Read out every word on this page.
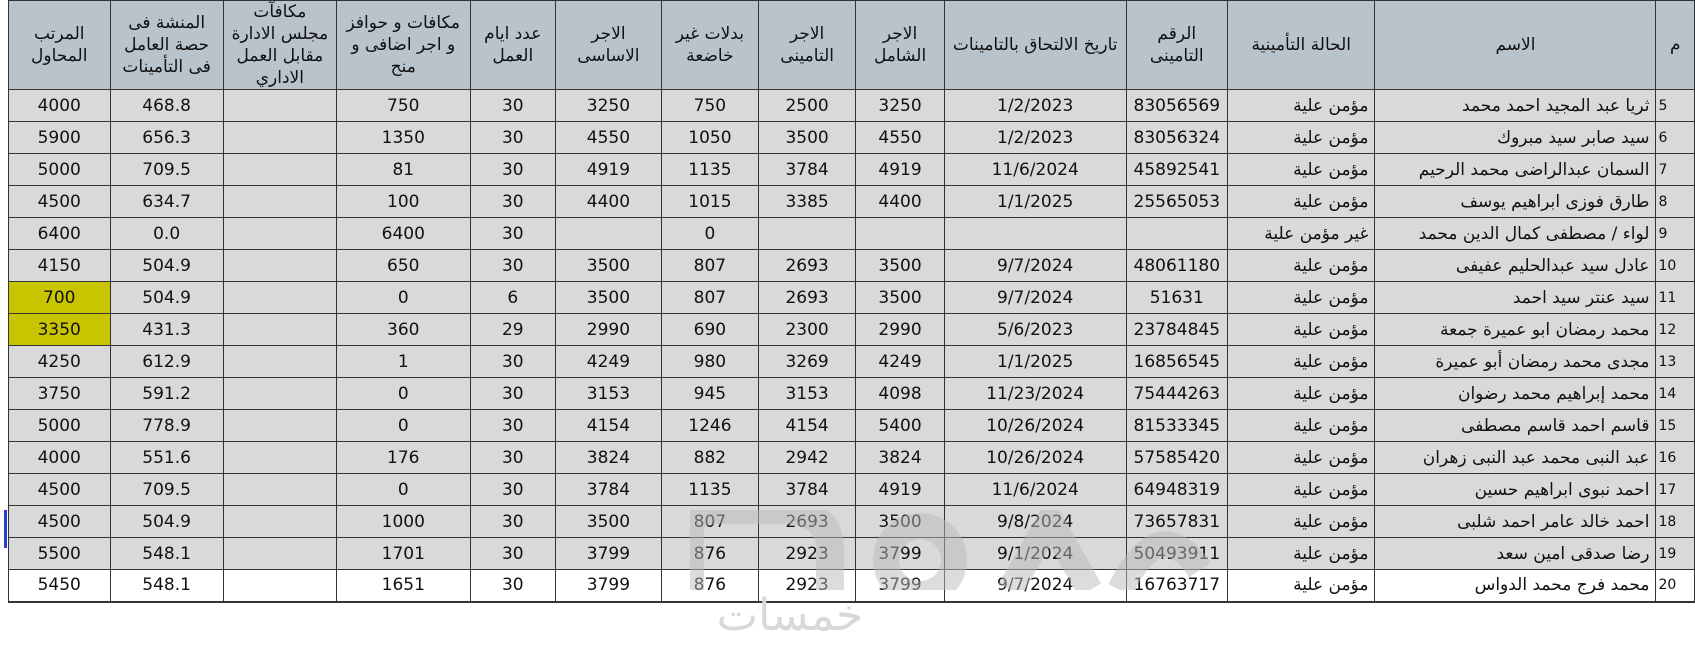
المرتب المحاول	المنشة فى حصة العامل فى التأمينات	مكافآت مجلس الادارة مقابل العمل الاداري	مكافات و حوافز و اجر اضافى و منح	عدد ايام العمل	الاجر الاساسى	بدلات غير خاضعة	الاجر التامينى	الاجر الشامل	تاريخ الالتحاق بالتامينات	الرقم التامينى	الحالة التأمينية	الاسم	م
4000	468.8		750	30	3250	750	2500	3250	1/2/2023	83056569	مؤمن علية	ثريا عبد المجيد احمد محمد	5
5900	656.3		1350	30	4550	1050	3500	4550	1/2/2023	83056324	مؤمن علية	سيد صابر سيد مبروك	6
5000	709.5		81	30	4919	1135	3784	4919	11/6/2024	45892541	مؤمن علية	السمان عبدالراضى محمد الرحيم	7
4500	634.7		100	30	4400	1015	3385	4400	1/1/2025	25565053	مؤمن علية	طارق فوزى ابراهيم يوسف	8
6400	0.0		6400	30		0					غير مؤمن علية	لواء / مصطفى كمال الدين محمد	9
4150	504.9		650	30	3500	807	2693	3500	9/7/2024	48061180	مؤمن علية	عادل سيد عبدالحليم عفيفى	10
700	504.9		0	6	3500	807	2693	3500	9/7/2024	51631	مؤمن علية	سيد عنتر سيد احمد	11
3350	431.3		360	29	2990	690	2300	2990	5/6/2023	23784845	مؤمن علية	محمد رمضان ابو عميرة جمعة	12
4250	612.9		1	30	4249	980	3269	4249	1/1/2025	16856545	مؤمن علية	مجدى محمد رمضان أبو عميرة	13
3750	591.2		0	30	3153	945	3153	4098	11/23/2024	75444263	مؤمن علية	محمد إبراهيم محمد رضوان	14
5000	778.9		0	30	4154	1246	4154	5400	10/26/2024	81533345	مؤمن علية	قاسم احمد قاسم مصطفى	15
4000	551.6		176	30	3824	882	2942	3824	10/26/2024	57585420	مؤمن علية	عبد النبى محمد عبد النبى زهران	16
4500	709.5		0	30	3784	1135	3784	4919	11/6/2024	64948319	مؤمن علية	احمد نبوى ابراهيم حسين	17
4500	504.9		1000	30	3500	807	2693	3500	9/8/2024	73657831	مؤمن علية	احمد خالد عامر احمد شلبى	18
5500	548.1		1701	30	3799	876	2923	3799	9/1/2024	50493911	مؤمن علية	رضا صدقى امين سعد	19
5450	548.1		1651	30	3799	876	2923	3799	9/7/2024	16763717	مؤمن علية	محمد فرج محمد الدواس	20
خمسات
